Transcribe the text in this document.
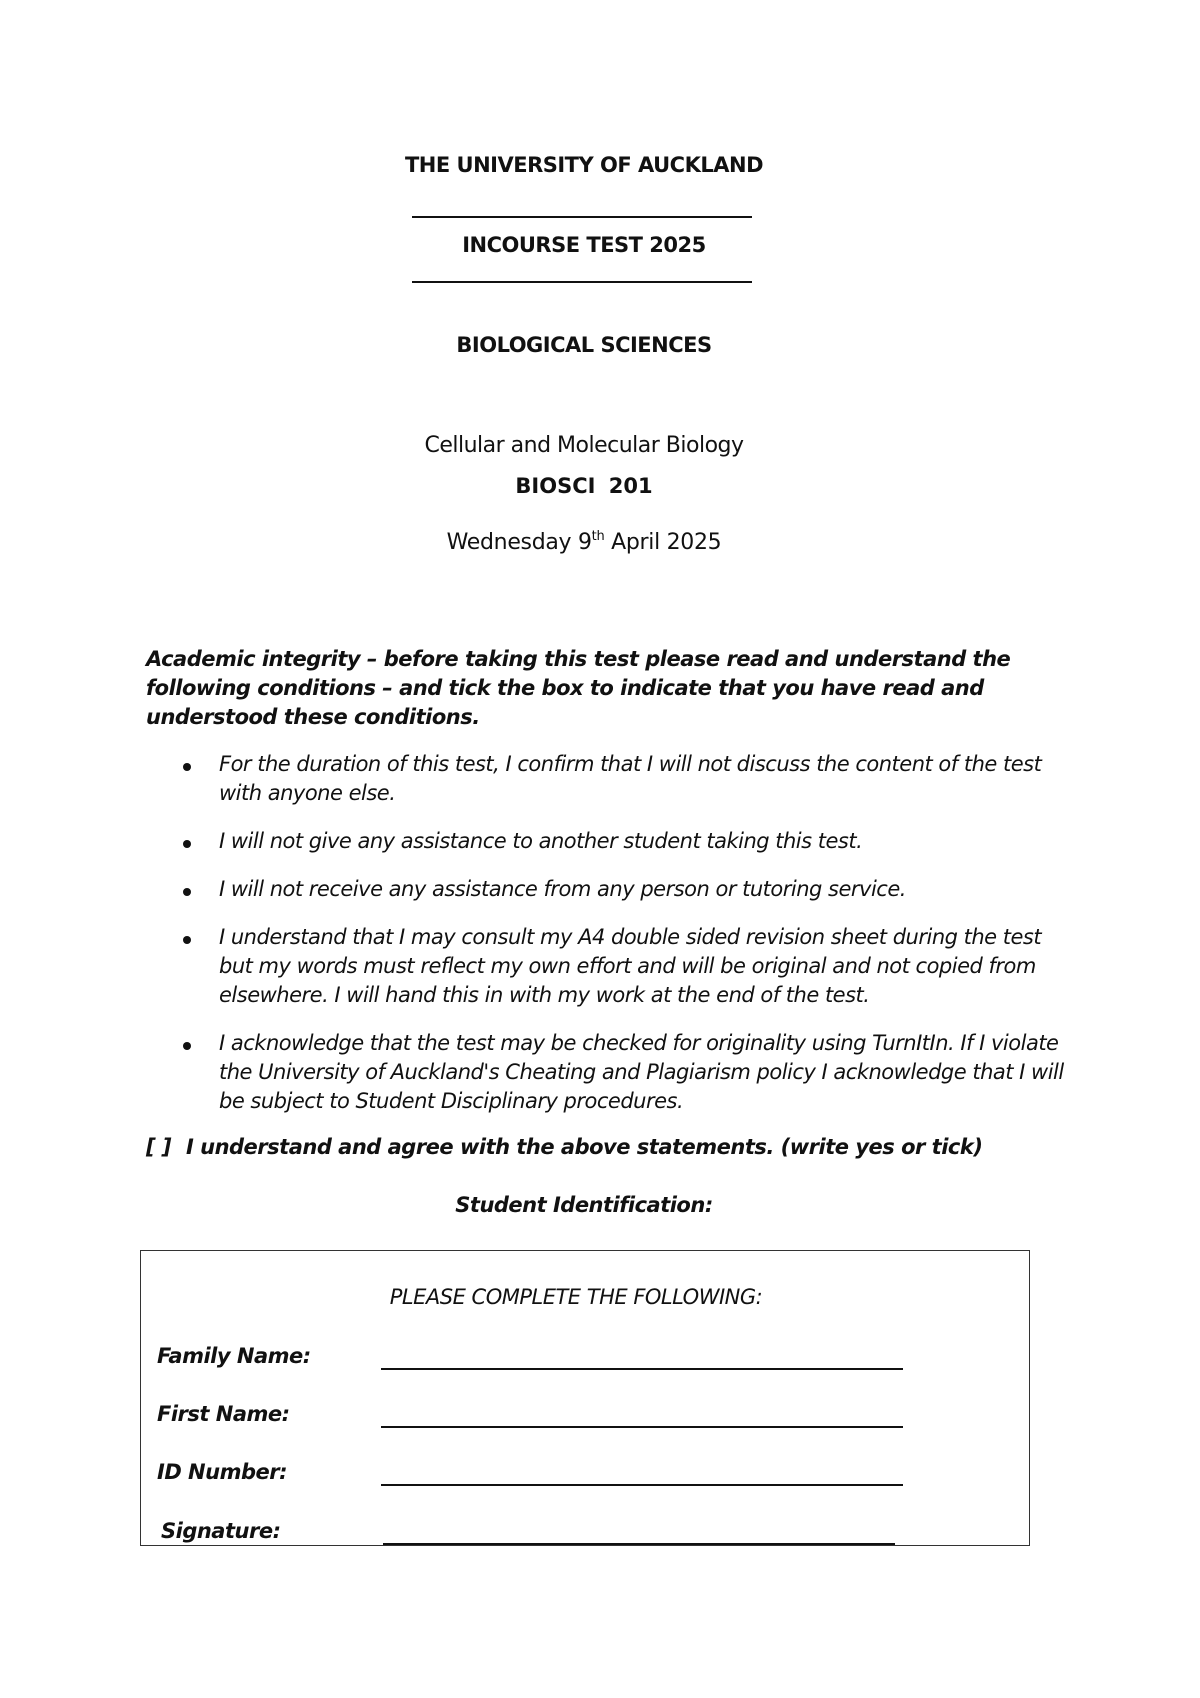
THE UNIVERSITY OF AUCKLAND
INCOURSE TEST 2025
BIOLOGICAL SCIENCES
Cellular and Molecular Biology
BIOSCI 201
Wednesday 9th April 2025
Academic integrity – before taking this test please read and understand the following conditions – and tick the box to indicate that you have read and understood these conditions.
For the duration of this test, I confirm that I will not discuss the content of the test with anyone else.
I will not give any assistance to another student taking this test.
I will not receive any assistance from any person or tutoring service.
I understand that I may consult my A4 double sided revision sheet during the test but my words must reflect my own effort and will be original and not copied from elsewhere. I will hand this in with my work at the end of the test.
I acknowledge that the test may be checked for originality using TurnItIn. If I violate the University of Auckland's Cheating and Plagiarism policy I acknowledge that I will be subject to Student Disciplinary procedures.
[ ] I understand and agree with the above statements. (write yes or tick)
Student Identification:
PLEASE COMPLETE THE FOLLOWING:
Family Name:
First Name:
ID Number:
Signature:
